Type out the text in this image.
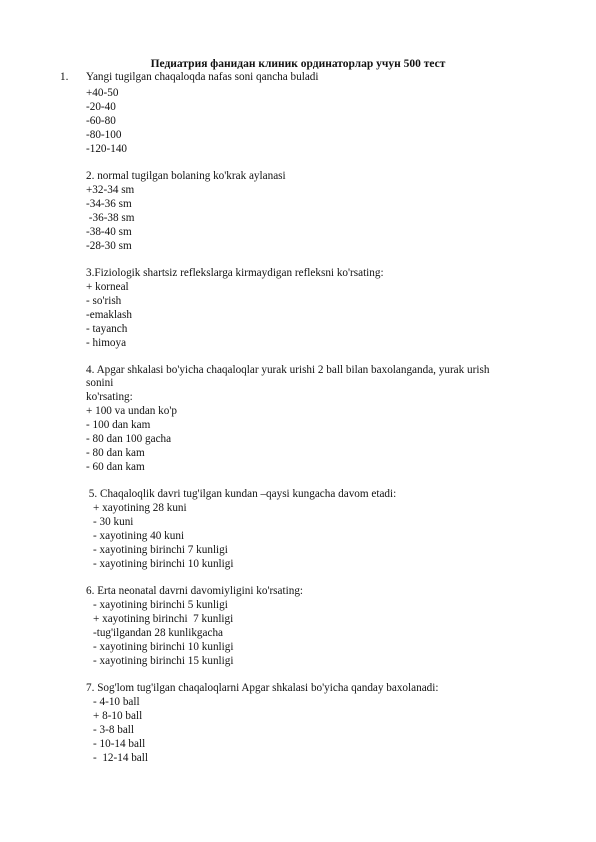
Педиатрия фанидан клиник ординаторлар учун 500 тест
1. Yangi tugilgan chaqaloqda nafas soni qancha buladi
+40-50
-20-40
-60-80
-80-100
-120-140
2. normal tugilgan bolaning ko'krak aylanasi
+32-34 sm
-34-36 sm
-36-38 sm
-38-40 sm
-28-30 sm
3.Fiziologik shartsiz reflekslarga kirmaydigan refleksni ko'rsating:
+ korneal
- so'rish
-emaklash
- tayanch
- himoya
4. Apgar shkalasi bo'yicha chaqaloqlar yurak urishi 2 ball bilan baxolanganda, yurak urish
sonini
ko'rsating:
+ 100 va undan ko'p
- 100 dan kam
- 80 dan 100 gacha
- 80 dan kam
- 60 dan kam
5. Chaqaloqlik davri tug'ilgan kundan –qaysi kungacha davom etadi:
+ xayotining 28 kuni
- 30 kuni
- xayotining 40 kuni
- xayotining birinchi 7 kunligi
- xayotining birinchi 10 kunligi
6. Erta neonatal davrni davomiyligini ko'rsating:
- xayotining birinchi 5 kunligi
+ xayotining birinchi  7 kunligi
-tug'ilgandan 28 kunlikgacha
- xayotining birinchi 10 kunligi
- xayotining birinchi 15 kunligi
7. Sog'lom tug'ilgan chaqaloqlarni Apgar shkalasi bo'yicha qanday baxolanadi:
- 4-10 ball
+ 8-10 ball
- 3-8 ball
- 10-14 ball
-  12-14 ball
